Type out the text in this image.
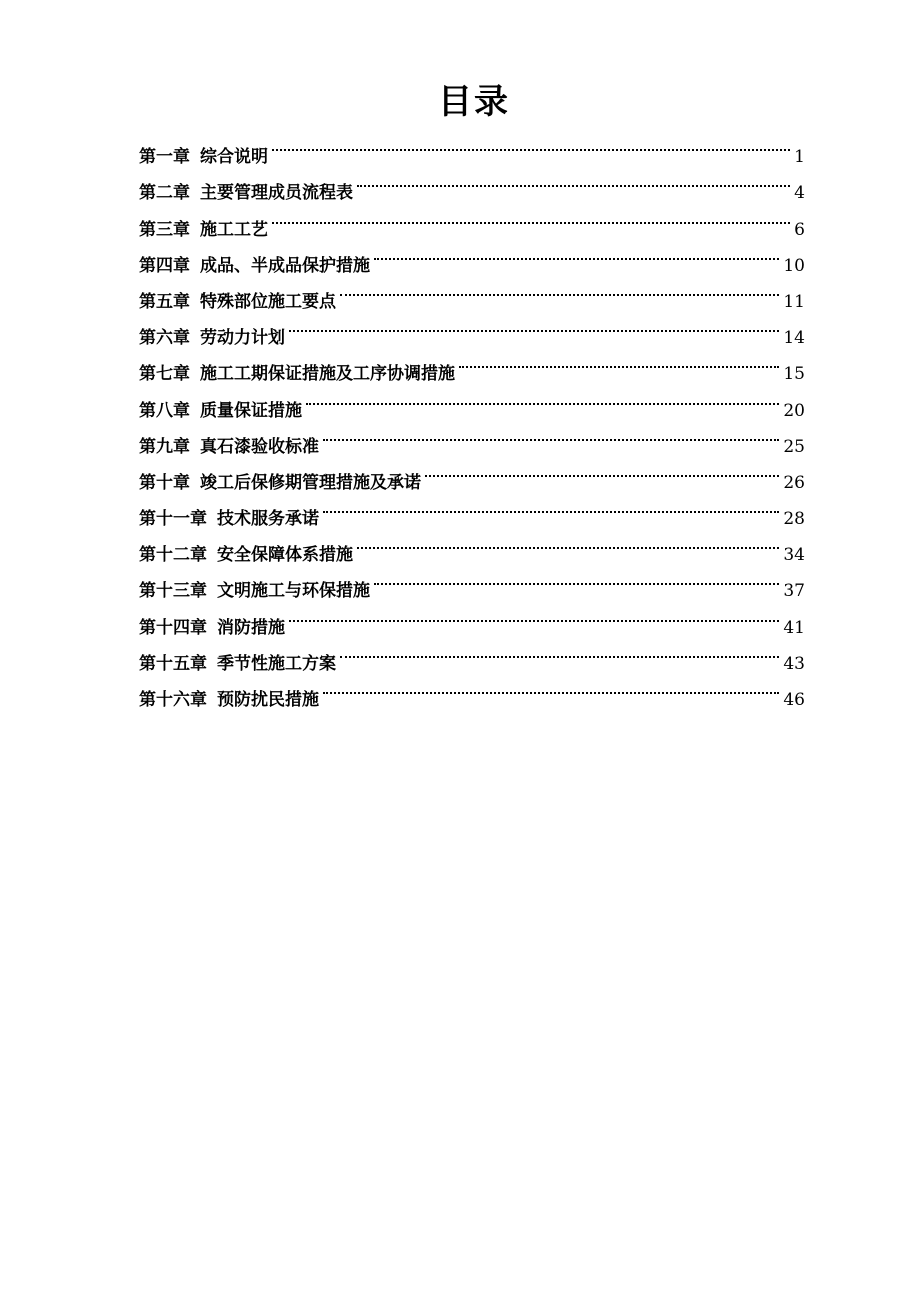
目录
第一章 综合说明	1
第二章 主要管理成员流程表	4
第三章 施工工艺	6
第四章 成品、半成品保护措施	10
第五章 特殊部位施工要点	11
第六章 劳动力计划	14
第七章 施工工期保证措施及工序协调措施	15
第八章 质量保证措施	20
第九章 真石漆验收标准	25
第十章 竣工后保修期管理措施及承诺	26
第十一章 技术服务承诺	28
第十二章 安全保障体系措施	34
第十三章 文明施工与环保措施	37
第十四章 消防措施	41
第十五章 季节性施工方案	43
第十六章 预防扰民措施	46
